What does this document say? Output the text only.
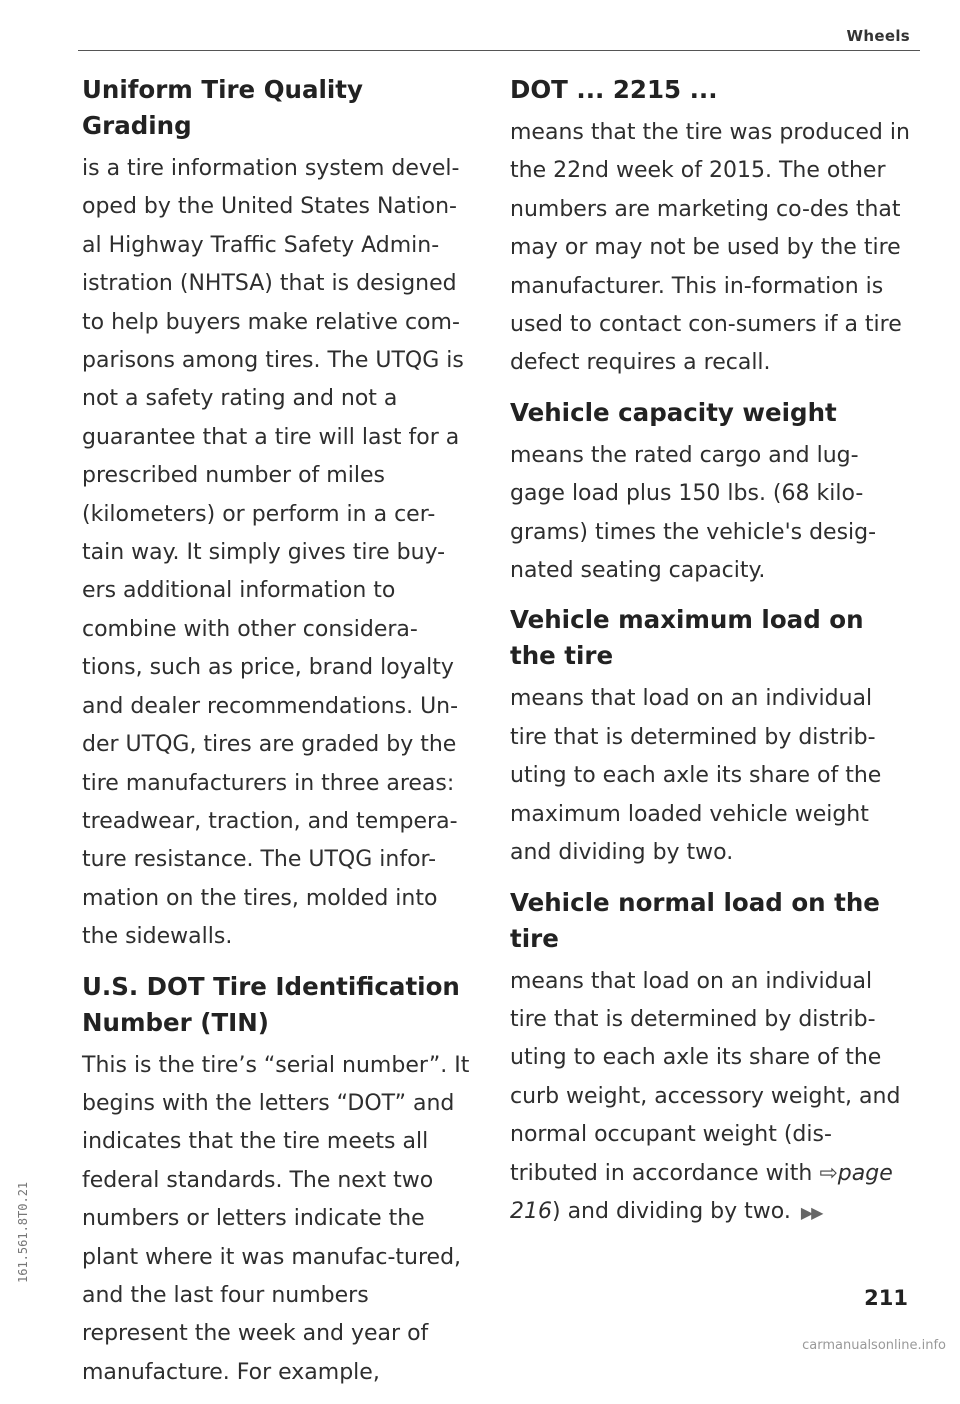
Wheels
Uniform Tire Quality Grading

is a tire information system devel-oped by the United States Nation-al Highway Traffic Safety Admin-istration (NHTSA) that is designed to help buyers make relative com-parisons among tires. The UTQG is not a safety rating and not a guarantee that a tire will last for a prescribed number of miles (kilometers) or perform in a cer-tain way. It simply gives tire buy-ers additional information to combine with other considera-tions, such as price, brand loyalty and dealer recommendations. Un-der UTQG, tires are graded by the tire manufacturers in three areas: treadwear, traction, and tempera-ture resistance. The UTQG infor-mation on the tires, molded into the sidewalls.

U.S. DOT Tire Identification Number (TIN)

This is the tire’s “serial number”. It begins with the letters “DOT” and indicates that the tire meets all federal standards. The next two numbers or letters indicate the plant where it was manufac-tured, and the last four numbers represent the week and year of manufacture. For example,

DOT ... 2215 ...

means that the tire was produced in the 22nd week of 2015. The other numbers are marketing co-des that may or may not be used by the tire manufacturer. This in-formation is used to contact con-sumers if a tire defect requires a recall.

Vehicle capacity weight

means the rated cargo and lug-gage load plus 150 lbs. (68 kilo-grams) times the vehicle's desig-nated seating capacity.

Vehicle maximum load on the tire

means that load on an individual tire that is determined by distrib-uting to each axle its share of the maximum loaded vehicle weight and dividing by two.

Vehicle normal load on the tire

means that load on an individual tire that is determined by distrib-uting to each axle its share of the curb weight, accessory weight, and normal occupant weight (dis-tributed in accordance with ⇨page 216) and dividing by two. ▶▶

161.561.8T0.21
211
carmanualsonline.info
